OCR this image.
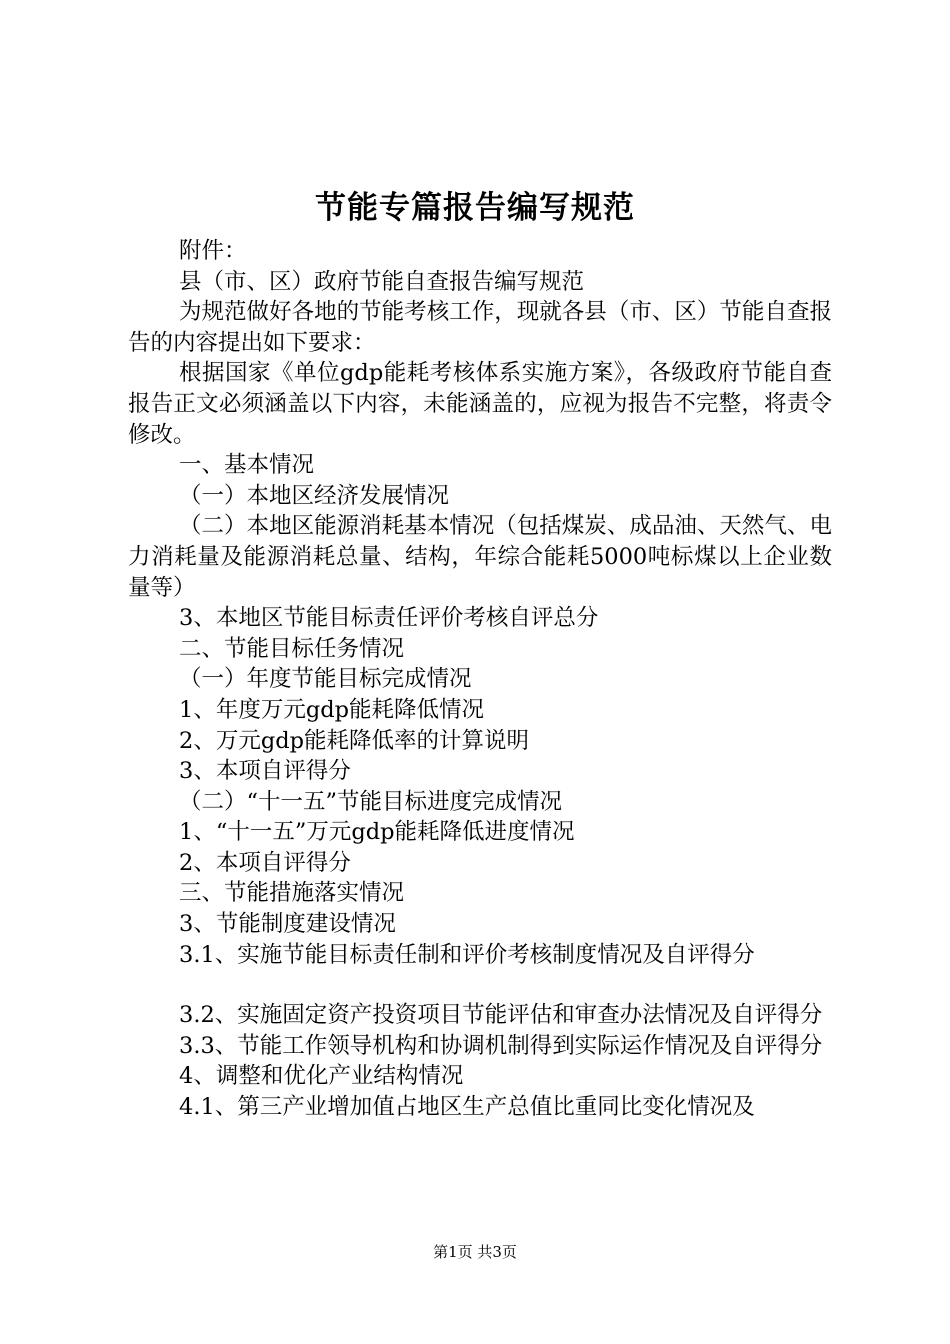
节能专篇报告编写规范

附件：

县（市、区）政府节能自查报告编写规范

为规范做好各地的节能考核工作，现就各县（市、区）节能自查报告的内容提出如下要求：

根据国家《单位gdp能耗考核体系实施方案》，各级政府节能自查报告正文必须涵盖以下内容，未能涵盖的，应视为报告不完整，将责令修改。

一、基本情况

（一）本地区经济发展情况

（二）本地区能源消耗基本情况（包括煤炭、成品油、天然气、电力消耗量及能源消耗总量、结构，年综合能耗5000吨标煤以上企业数量等）

3、本地区节能目标责任评价考核自评总分

二、节能目标任务情况

（一）年度节能目标完成情况

1、年度万元gdp能耗降低情况

2、万元gdp能耗降低率的计算说明

3、本项自评得分

（二）“十一五”节能目标进度完成情况

1、“十一五”万元gdp能耗降低进度情况

2、本项自评得分

三、节能措施落实情况

3、节能制度建设情况

3.1、实施节能目标责任制和评价考核制度情况及自评得分

3.2、实施固定资产投资项目节能评估和审查办法情况及自评得分

3.3、节能工作领导机构和协调机制得到实际运作情况及自评得分

4、调整和优化产业结构情况

4.1、第三产业增加值占地区生产总值比重同比变化情况及

第1页 共3页
